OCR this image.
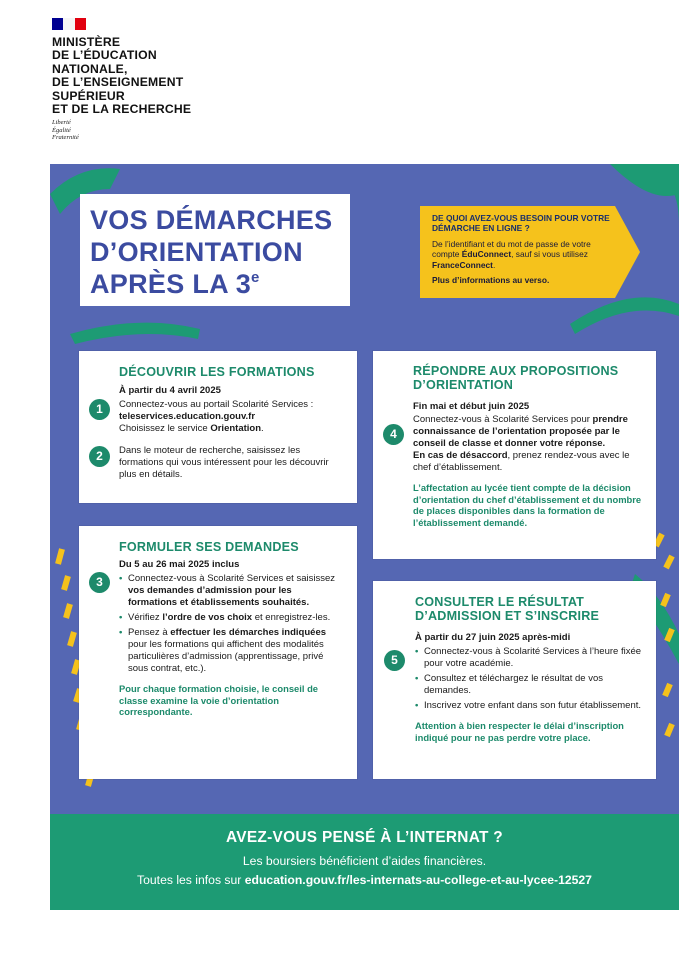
MINISTÈRE
DE L’ÉDUCATION
NATIONALE,
DE L’ENSEIGNEMENT
SUPÉRIEUR
ET DE LA RECHERCHE
Liberté
Égalité
Fraternité
VOS DÉMARCHES
D’ORIENTATION
APRÈS LA 3e
DE QUOI AVEZ-VOUS BESOIN POUR VOTRE DÉMARCHE EN LIGNE ?
De l’identifiant et du mot de passe de votre compte ÉduConnect, sauf si vous utilisez FranceConnect.
Plus d’informations au verso.
DÉCOUVRIR LES FORMATIONS
À partir du 4 avril 2025
1	Connectez-vous au portail Scolarité Services : teleservices.education.gouv.fr
Choisissez le service Orientation.

2	Dans le moteur de recherche, saisissez les formations qui vous intéressent pour les découvrir plus en détails.

FORMULER SES DEMANDES
Du 5 au 26 mai 2025 inclus
3
•	Connectez-vous à Scolarité Services et saisissez vos demandes d’admission pour les formations et établissements souhaités.
• Vérifiez l’ordre de vos choix et enregistrez-les.
• Pensez à effectuer les démarches indiquées pour les formations qui affichent des modalités particulières d’admission (apprentissage, privé sous contrat, etc.).

Pour chaque formation choisie, le conseil de classe examine la voie d’orientation correspondante.

RÉPONDRE AUX PROPOSITIONS
D’ORIENTATION
Fin mai et début juin 2025
4

Connectez-vous à Scolarité Services pour prendre connaissance de l’orientation proposée par le conseil de classe et donner votre réponse.

En cas de désaccord, prenez rendez-vous avec le chef d’établissement.

L’affectation au lycée tient compte de la décision d’orientation du chef d’établissement et du nombre de places disponibles dans la formation de l’établissement demandé.

CONSULTER LE RÉSULTAT
D’ADMISSION ET S’INSCRIRE
À partir du 27 juin 2025 après-midi
5
• Connectez-vous à Scolarité Services à l’heure fixée pour votre académie.
• Consultez et téléchargez le résultat de vos demandes.
• Inscrivez votre enfant dans son futur établissement.

Attention à bien respecter le délai d’inscription indiqué pour ne pas perdre votre place.

AVEZ-VOUS PENSÉ À L’INTERNAT ?
Les boursiers bénéficient d’aides financières.
Toutes les infos sur education.gouv.fr/les-internats-au-college-et-au-lycee-12527
